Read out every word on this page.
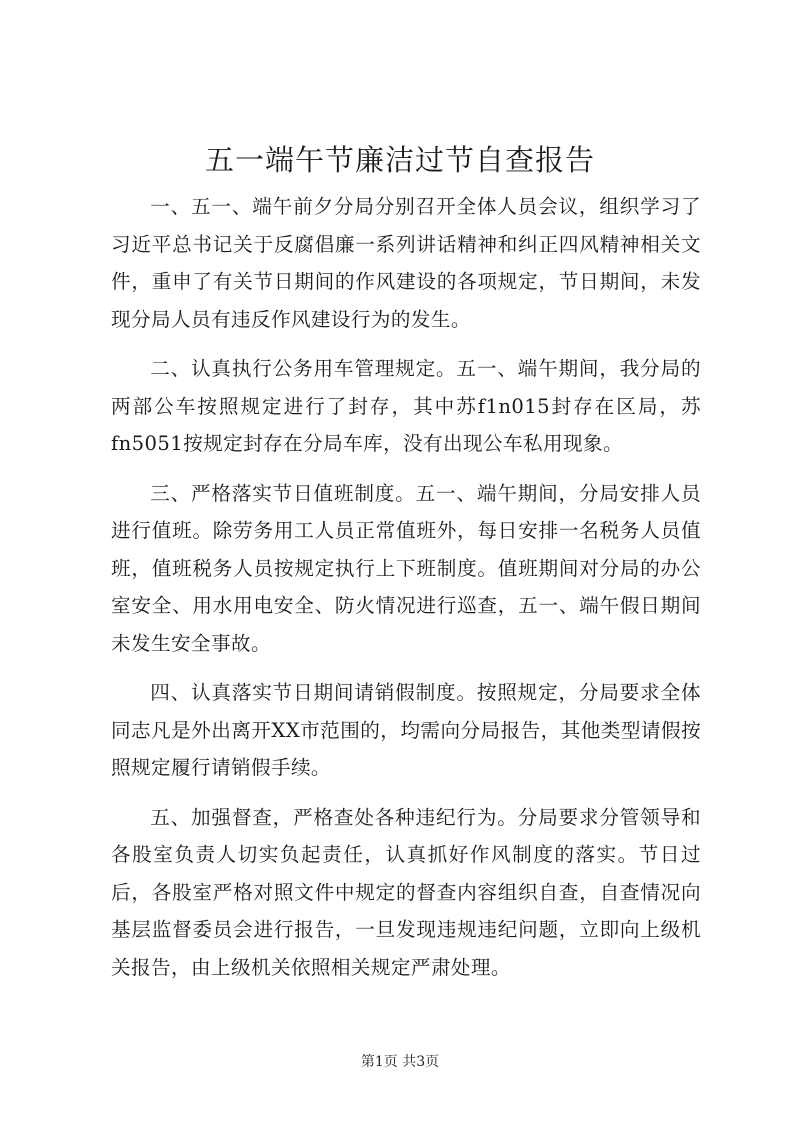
五一端午节廉洁过节自查报告

一、五一、端午前夕分局分别召开全体人员会议，组织学习了习近平总书记关于反腐倡廉一系列讲话精神和纠正四风精神相关文件，重申了有关节日期间的作风建设的各项规定，节日期间，未发现分局人员有违反作风建设行为的发生。

二、认真执行公务用车管理规定。五一、端午期间，我分局的两部公车按照规定进行了封存，其中苏f1n015封存在区局，苏fn5051按规定封存在分局车库，没有出现公车私用现象。

三、严格落实节日值班制度。五一、端午期间，分局安排人员进行值班。除劳务用工人员正常值班外，每日安排一名税务人员值班，值班税务人员按规定执行上下班制度。值班期间对分局的办公室安全、用水用电安全、防火情况进行巡查，五一、端午假日期间未发生安全事故。

四、认真落实节日期间请销假制度。按照规定，分局要求全体同志凡是外出离开XX市范围的，均需向分局报告，其他类型请假按照规定履行请销假手续。

五、加强督查，严格查处各种违纪行为。分局要求分管领导和各股室负责人切实负起责任，认真抓好作风制度的落实。节日过后，各股室严格对照文件中规定的督查内容组织自查，自查情况向基层监督委员会进行报告，一旦发现违规违纪问题，立即向上级机关报告，由上级机关依照相关规定严肃处理。

第1页 共3页
